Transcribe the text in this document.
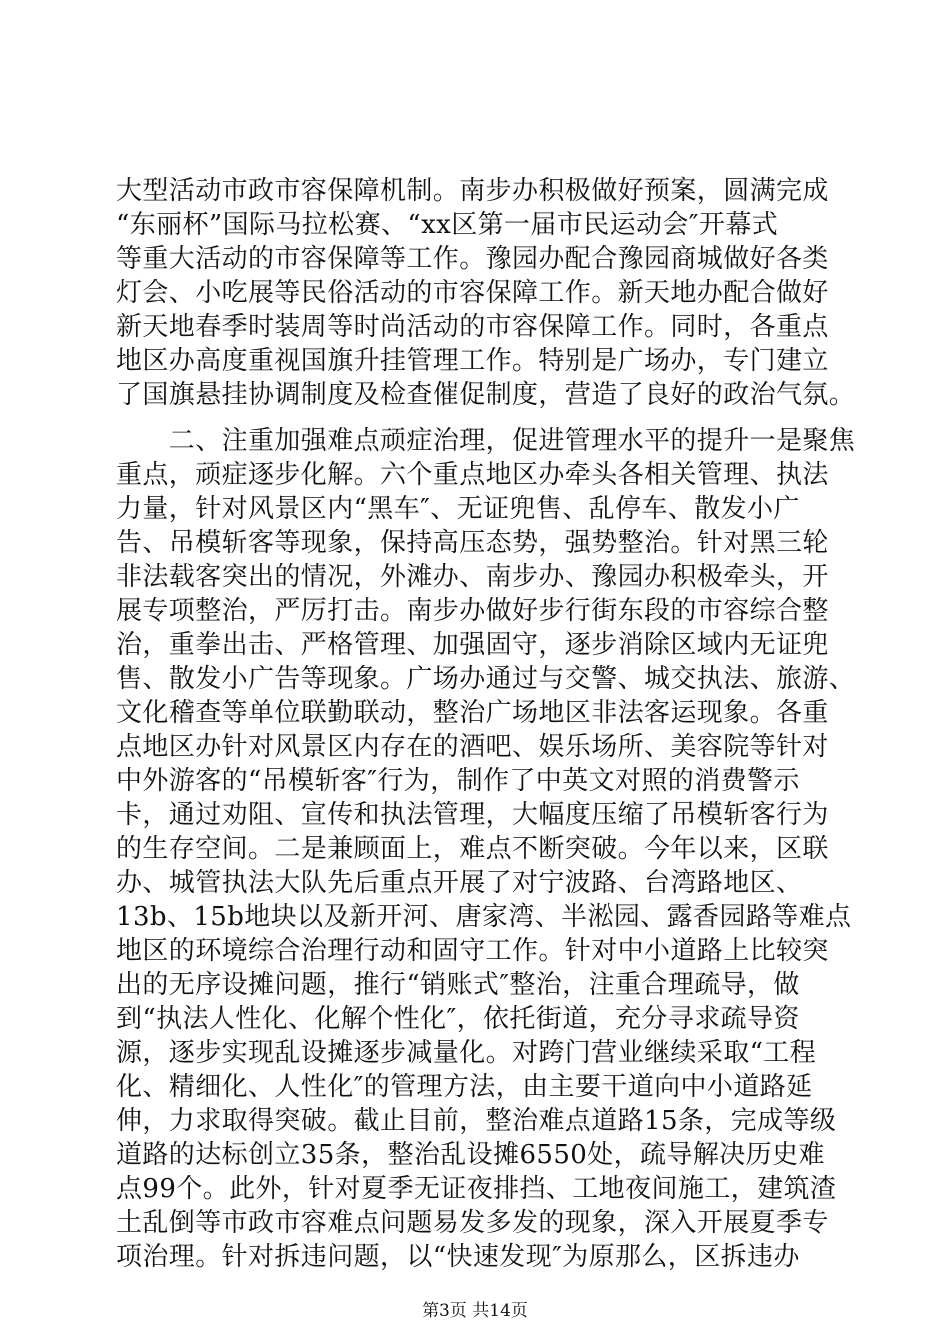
大型活动市政市容保障机制。南步办积极做好预案，圆满完成
“东丽杯”国际马拉松赛、“xx区第一届市民运动会″开幕式
等重大活动的市容保障等工作。豫园办配合豫园商城做好各类
灯会、小吃展等民俗活动的市容保障工作。新天地办配合做好
新天地春季时装周等时尚活动的市容保障工作。同时，各重点
地区办高度重视国旗升挂管理工作。特别是广场办，专门建立
了国旗悬挂协调制度及检查催促制度，营造了良好的政治气氛。
　　二、注重加强难点顽症治理，促进管理水平的提升一是聚焦
重点，顽症逐步化解。六个重点地区办牵头各相关管理、执法
力量，针对风景区内“黑车″、无证兜售、乱停车、散发小广
告、吊模斩客等现象，保持高压态势，强势整治。针对黑三轮
非法载客突出的情况，外滩办、南步办、豫园办积极牵头，开
展专项整治，严厉打击。南步办做好步行街东段的市容综合整
治，重拳出击、严格管理、加强固守，逐步消除区域内无证兜
售、散发小广告等现象。广场办通过与交警、城交执法、旅游、
文化稽查等单位联勤联动，整治广场地区非法客运现象。各重
点地区办针对风景区内存在的酒吧、娱乐场所、美容院等针对
中外游客的“吊模斩客″行为，制作了中英文对照的消费警示
卡，通过劝阻、宣传和执法管理，大幅度压缩了吊模斩客行为
的生存空间。二是兼顾面上，难点不断突破。今年以来，区联
办、城管执法大队先后重点开展了对宁波路、台湾路地区、
13b、15b地块以及新开河、唐家湾、半淞园、露香园路等难点
地区的环境综合治理行动和固守工作。针对中小道路上比较突
出的无序设摊问题，推行“销账式″整治，注重合理疏导，做
到“执法人性化、化解个性化″，依托街道，充分寻求疏导资
源，逐步实现乱设摊逐步减量化。对跨门营业继续采取“工程
化、精细化、人性化″的管理方法，由主要干道向中小道路延
伸，力求取得突破。截止目前，整治难点道路15条，完成等级
道路的达标创立35条，整治乱设摊6550处，疏导解决历史难
点99个。此外，针对夏季无证夜排挡、工地夜间施工，建筑渣
土乱倒等市政市容难点问题易发多发的现象，深入开展夏季专
项治理。针对拆违问题，以“快速发现″为原那么，区拆违办
第3页 共14页
